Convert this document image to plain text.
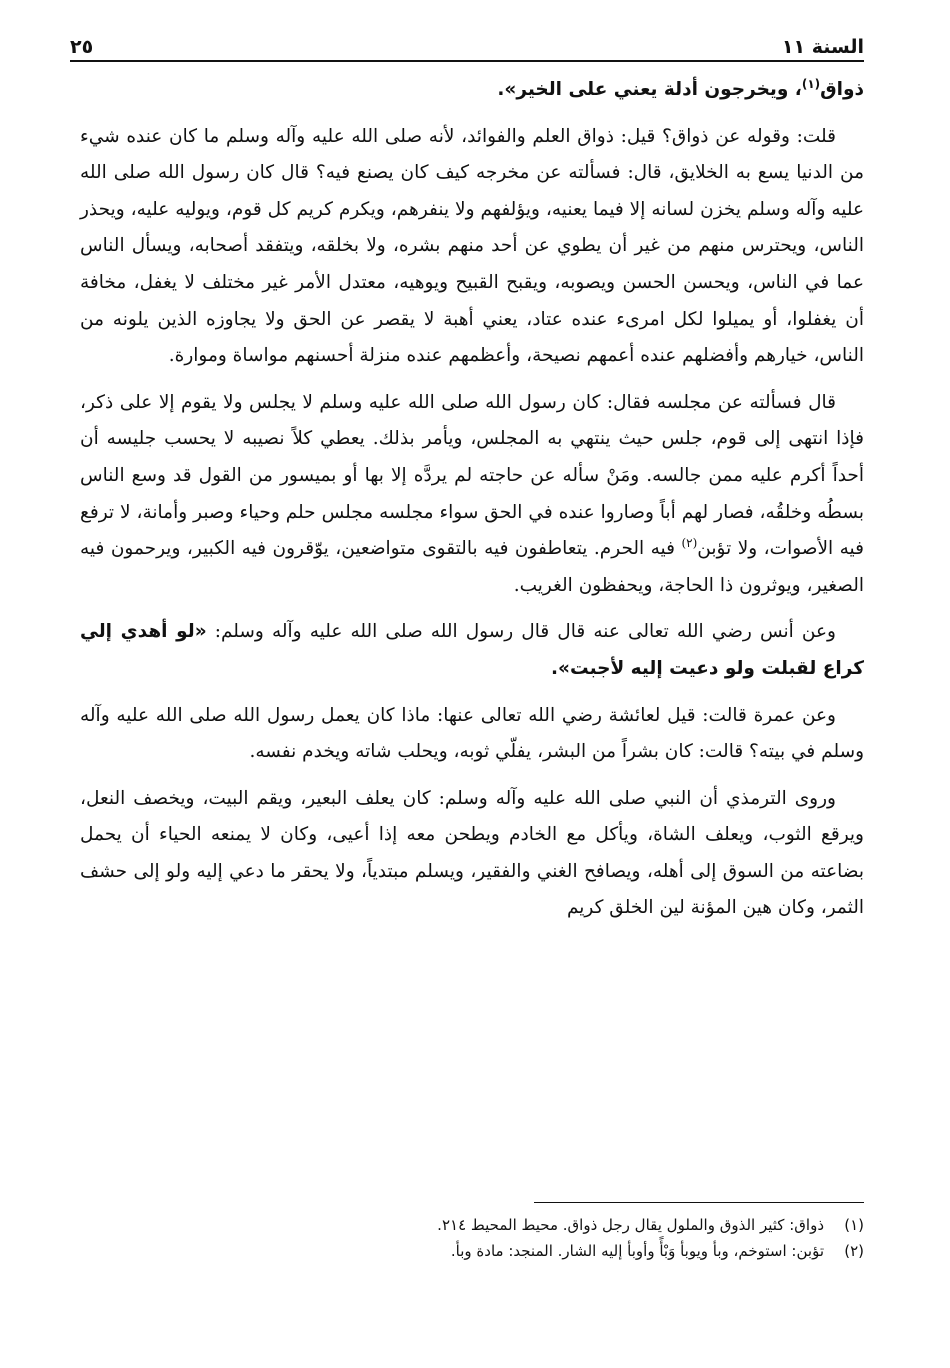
السنة ١١
٢٥

ذواق$^{(١)}$، ويخرجون أدلة يعني على الخير».

قلت: وقوله عن ذواق؟ قيل: ذواق العلم والفوائد، لأنه صلى الله عليه وآله وسلم ما كان عنده شيء من الدنيا يسع به الخلايق، قال: فسألته عن مخرجه كيف كان يصنع فيه؟ قال كان رسول الله صلى الله عليه وآله وسلم يخزن لسانه إلا فيما يعنيه، ويؤلفهم ولا ينفرهم، ويكرم كريم كل قوم، ويوليه عليه، ويحذر الناس، ويحترس منهم من غير أن يطوي عن أحد منهم بشره، ولا بخلقه، ويتفقد أصحابه، ويسأل الناس عما في الناس، ويحسن الحسن ويصوبه، ويقبح القبيح ويوهيه، معتدل الأمر غير مختلف لا يغفل، مخافة أن يغفلوا، أو يميلوا لكل امرىء عنده عتاد، يعني أهبة لا يقصر عن الحق ولا يجاوزه الذين يلونه من الناس، خيارهم وأفضلهم عنده أعمهم نصيحة، وأعظمهم عنده منزلة أحسنهم مواساة وموارة.

قال فسألته عن مجلسه فقال: كان رسول الله صلى الله عليه وسلم لا يجلس ولا يقوم إلا على ذكر، فإذا انتهى إلى قوم، جلس حيث ينتهي به المجلس، ويأمر بذلك. يعطي كلاً نصيبه لا يحسب جليسه أن أحداً أكرم عليه ممن جالسه. ومَنْ سأله عن حاجته لم يردَّه إلا بها أو بميسور من القول قد وسع الناس بسطُه وخلقُه، فصار لهم أباً وصاروا عنده في الحق سواء مجلسه مجلس حلم وحياء وصبر وأمانة، لا ترفع فيه الأصوات، ولا تؤبن$^{(٢)}$ فيه الحرم. يتعاطفون فيه بالتقوى متواضعين، يوّقرون فيه الكبير، ويرحمون فيه الصغير، ويوثرون ذا الحاجة، ويحفظون الغريب.

وعن أنس رضي الله تعالى عنه قال قال رسول الله صلى الله عليه وآله وسلم: «لو أهدي إلي كراع لقبلت ولو دعيت إليه لأجبت».

وعن عمرة قالت: قيل لعائشة رضي الله تعالى عنها: ماذا كان يعمل رسول الله صلى الله عليه وآله وسلم في بيته؟ قالت: كان بشراً من البشر، يفلّي ثوبه، ويحلب شاته ويخدم نفسه.

وروى الترمذي أن النبي صلى الله عليه وآله وسلم: كان يعلف البعير، ويقم البيت، ويخصف النعل، ويرقع الثوب، ويعلف الشاة، ويأكل مع الخادم ويطحن معه إذا أعيى، وكان لا يمنعه الحياء أن يحمل بضاعته من السوق إلى أهله، ويصافح الغني والفقير، ويسلم مبتدياً، ولا يحقر ما دعي إليه ولو إلى حشف الثمر، وكان هين المؤنة لين الخلق كريم

(١)
ذواق: كثير الذوق والملول يقال رجل ذواق. محيط المحيط ٢١٤.
(٢)
تؤبن: استوخم، وبأ ويوبأ وَبْأً وأوبأ إليه الشار. المنجد: مادة وبأ.
